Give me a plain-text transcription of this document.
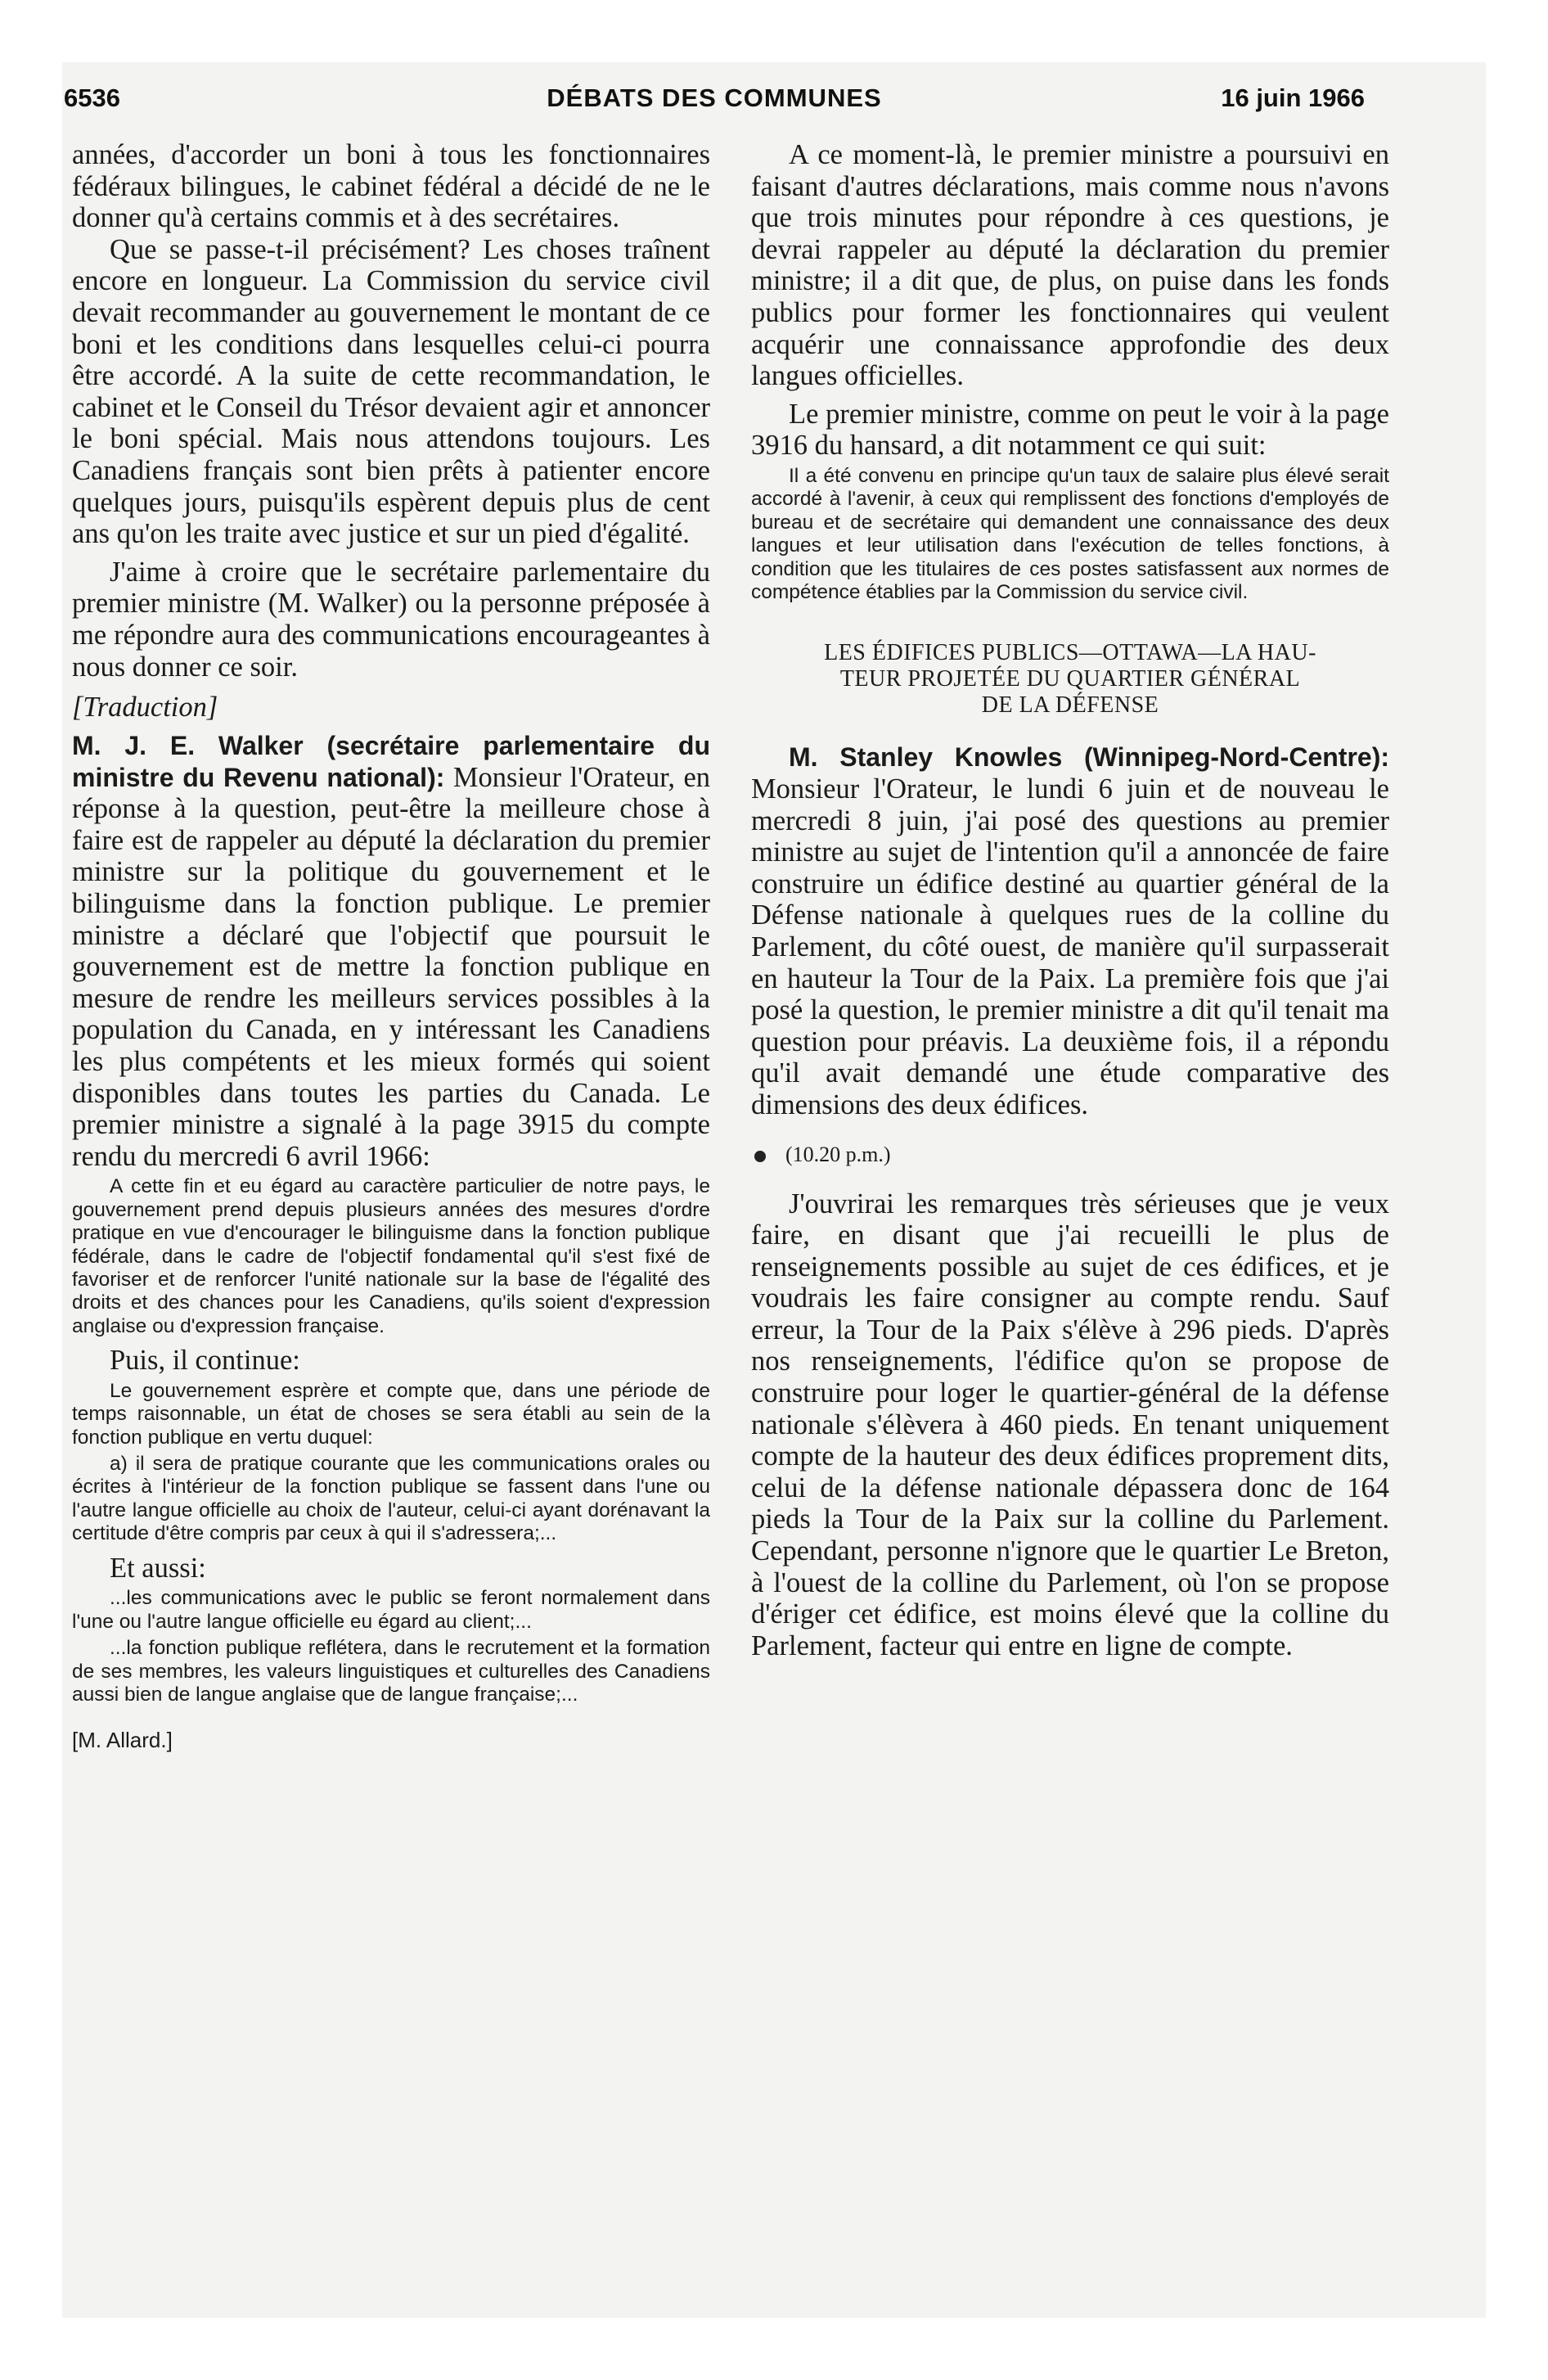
6536	DÉBATS DES COMMUNES	16 juin 1966

années, d'accorder un boni à tous les fonctionnaires fédéraux bilingues, le cabinet fédéral a décidé de ne le donner qu'à certains commis et à des secrétaires.

Que se passe-t-il précisément? Les choses traînent encore en longueur. La Commission du service civil devait recommander au gouvernement le montant de ce boni et les conditions dans lesquelles celui-ci pourra être accordé. A la suite de cette recommandation, le cabinet et le Conseil du Trésor devaient agir et annoncer le boni spécial. Mais nous attendons toujours. Les Canadiens français sont bien prêts à patienter encore quelques jours, puisqu'ils espèrent depuis plus de cent ans qu'on les traite avec justice et sur un pied d'égalité.

J'aime à croire que le secrétaire parlementaire du premier ministre (M. Walker) ou la personne préposée à me répondre aura des communications encourageantes à nous donner ce soir.

[Traduction]

M. J. E. Walker (secrétaire parlementaire du ministre du Revenu national): Monsieur l'Orateur, en réponse à la question, peut-être la meilleure chose à faire est de rappeler au député la déclaration du premier ministre sur la politique du gouvernement et le bilinguisme dans la fonction publique. Le premier ministre a déclaré que l'objectif que poursuit le gouvernement est de mettre la fonction publique en mesure de rendre les meilleurs services possibles à la population du Canada, en y intéressant les Canadiens les plus compétents et les mieux formés qui soient disponibles dans toutes les parties du Canada. Le premier ministre a signalé à la page 3915 du compte rendu du mercredi 6 avril 1966:

A cette fin et eu égard au caractère particulier de notre pays, le gouvernement prend depuis plusieurs années des mesures d'ordre pratique en vue d'encourager le bilinguisme dans la fonction publique fédérale, dans le cadre de l'objectif fondamental qu'il s'est fixé de favoriser et de renforcer l'unité nationale sur la base de l'égalité des droits et des chances pour les Canadiens, qu'ils soient d'expression anglaise ou d'expression française.

Puis, il continue:

Le gouvernement esprère et compte que, dans une période de temps raisonnable, un état de choses se sera établi au sein de la fonction publique en vertu duquel:

a) il sera de pratique courante que les communications orales ou écrites à l'intérieur de la fonction publique se fassent dans l'une ou l'autre langue officielle au choix de l'auteur, celui-ci ayant dorénavant la certitude d'être compris par ceux à qui il s'adressera;...

Et aussi:

...les communications avec le public se feront normalement dans l'une ou l'autre langue officielle eu égard au client;...

...la fonction publique reflétera, dans le recrutement et la formation de ses membres, les valeurs linguistiques et culturelles des Canadiens aussi bien de langue anglaise que de langue française;...

[M. Allard.]

A ce moment-là, le premier ministre a poursuivi en faisant d'autres déclarations, mais comme nous n'avons que trois minutes pour répondre à ces questions, je devrai rappeler au député la déclaration du premier ministre; il a dit que, de plus, on puise dans les fonds publics pour former les fonctionnaires qui veulent acquérir une connaissance approfondie des deux langues officielles.

Le premier ministre, comme on peut le voir à la page 3916 du hansard, a dit notamment ce qui suit:

Il a été convenu en principe qu'un taux de salaire plus élevé serait accordé à l'avenir, à ceux qui remplissent des fonctions d'employés de bureau et de secrétaire qui demandent une connaissance des deux langues et leur utilisation dans l'exécution de telles fonctions, à condition que les titulaires de ces postes satisfassent aux normes de compétence établies par la Commission du service civil.

LES ÉDIFICES PUBLICS—OTTAWA—LA HAU-
TEUR PROJETÉE DU QUARTIER GÉNÉRAL
DE LA DÉFENSE

M. Stanley Knowles (Winnipeg-Nord-Centre): Monsieur l'Orateur, le lundi 6 juin et de nouveau le mercredi 8 juin, j'ai posé des questions au premier ministre au sujet de l'intention qu'il a annoncée de faire construire un édifice destiné au quartier général de la Défense nationale à quelques rues de la colline du Parlement, du côté ouest, de manière qu'il surpasserait en hauteur la Tour de la Paix. La première fois que j'ai posé la question, le premier ministre a dit qu'il tenait ma question pour préavis. La deuxième fois, il a répondu qu'il avait demandé une étude comparative des dimensions des deux édifices.

(10.20 p.m.)

J'ouvrirai les remarques très sérieuses que je veux faire, en disant que j'ai recueilli le plus de renseignements possible au sujet de ces édifices, et je voudrais les faire consigner au compte rendu. Sauf erreur, la Tour de la Paix s'élève à 296 pieds. D'après nos renseignements, l'édifice qu'on se propose de construire pour loger le quartier-général de la défense nationale s'élèvera à 460 pieds. En tenant uniquement compte de la hauteur des deux édifices proprement dits, celui de la défense nationale dépassera donc de 164 pieds la Tour de la Paix sur la colline du Parlement. Cependant, personne n'ignore que le quartier Le Breton, à l'ouest de la colline du Parlement, où l'on se propose d'ériger cet édifice, est moins élevé que la colline du Parlement, facteur qui entre en ligne de compte.
